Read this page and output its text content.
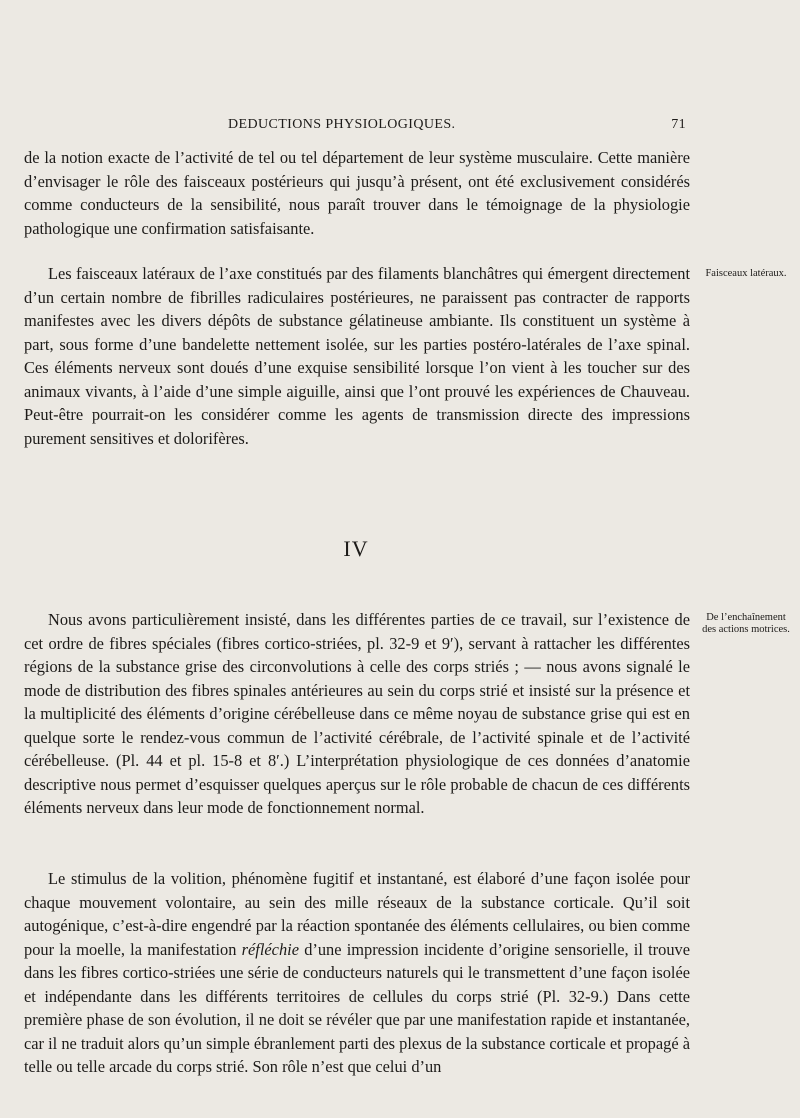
DEDUCTIONS PHYSIOLOGIQUES.	71

de la notion exacte de l’activité de tel ou tel département de leur système musculaire. Cette manière d’envisager le rôle des faisceaux postérieurs qui jusqu’à présent, ont été exclusivement considérés comme conducteurs de la sensibilité, nous paraît trouver dans le témoignage de la physiologie pathologique une confirmation satisfaisante.

Les faisceaux latéraux de l’axe constitués par des filaments blanchâtres qui émergent directement d’un certain nombre de fibrilles radiculaires postérieures, ne paraissent pas contracter de rapports manifestes avec les divers dépôts de substance gélatineuse ambiante. Ils constituent un système à part, sous forme d’une bandelette nettement isolée, sur les parties postéro-latérales de l’axe spinal. Ces éléments nerveux sont doués d’une exquise sensibilité lorsque l’on vient à les toucher sur des animaux vivants, à l’aide d’une simple aiguille, ainsi que l’ont prouvé les expériences de Chauveau. Peut-être pourrait-on les considérer comme les agents de transmission directe des impressions purement sensitives et dolorifères.

Faisceaux latéraux.
IV

Nous avons particulièrement insisté, dans les différentes parties de ce travail, sur l’existence de cet ordre de fibres spéciales (fibres cortico-striées, pl. 32-9 et 9′), servant à rattacher les différentes régions de la substance grise des circonvolutions à celle des corps striés ; — nous avons signalé le mode de distribution des fibres spinales antérieures au sein du corps strié et insisté sur la présence et la multiplicité des éléments d’origine cérébelleuse dans ce même noyau de substance grise qui est en quelque sorte le rendez-vous commun de l’activité cérébrale, de l’activité spinale et de l’activité cérébelleuse. (Pl. 44 et pl. 15-8 et 8′.) L’interprétation physiologique de ces données d’anatomie descriptive nous permet d’esquisser quelques aperçus sur le rôle probable de chacun de ces différents éléments nerveux dans leur mode de fonctionnement normal.

De l’enchaînement des actions motrices.

Le stimulus de la volition, phénomène fugitif et instantané, est élaboré d’une façon isolée pour chaque mouvement volontaire, au sein des mille réseaux de la substance corticale. Qu’il soit autogénique, c’est-à-dire engendré par la réaction spontanée des éléments cellulaires, ou bien comme pour la moelle, la manifestation réfléchie d’une impression incidente d’origine sensorielle, il trouve dans les fibres cortico-striées une série de conducteurs naturels qui le transmettent d’une façon isolée et indépendante dans les différents territoires de cellules du corps strié (Pl. 32-9.) Dans cette première phase de son évolution, il ne doit se révéler que par une manifestation rapide et instantanée, car il ne traduit alors qu’un simple ébranlement parti des plexus de la substance corticale et propagé à telle ou telle arcade du corps strié. Son rôle n’est que celui d’un
